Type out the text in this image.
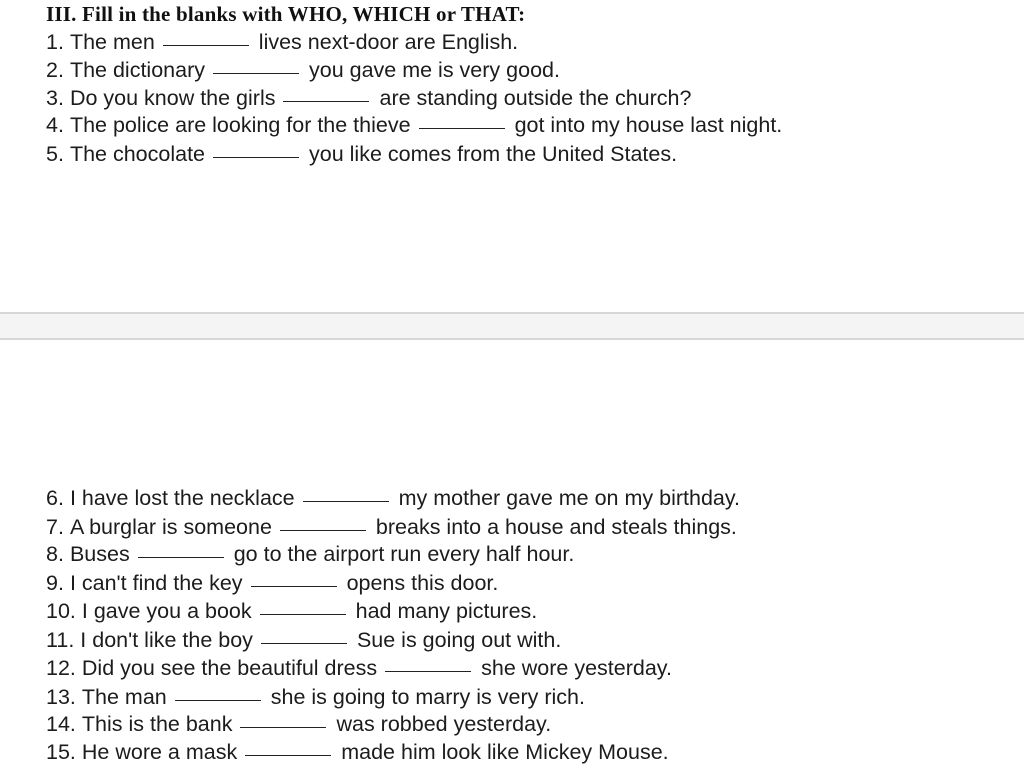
III. Fill in the blanks with WHO, WHICH or THAT:
1. The men	lives next-door are English.
2. The dictionary	you gave me is very good.
3. Do you know the girls	are standing outside the church?
4. The police are looking for the thieve	got into my house last night.
5. The chocolate	you like comes from the United States.
6. I have lost the necklace	my mother gave me on my birthday.
7. A burglar is someone	breaks into a house and steals things.
8. Buses	go to the airport run every half hour.
9. I can't find the key	opens this door.
10. I gave you a book	had many pictures.
11. I don't like the boy	Sue is going out with.
12. Did you see the beautiful dress	she wore yesterday.
13. The man	she is going to marry is very rich.
14. This is the bank	was robbed yesterday.
15. He wore a mask	made him look like Mickey Mouse.
